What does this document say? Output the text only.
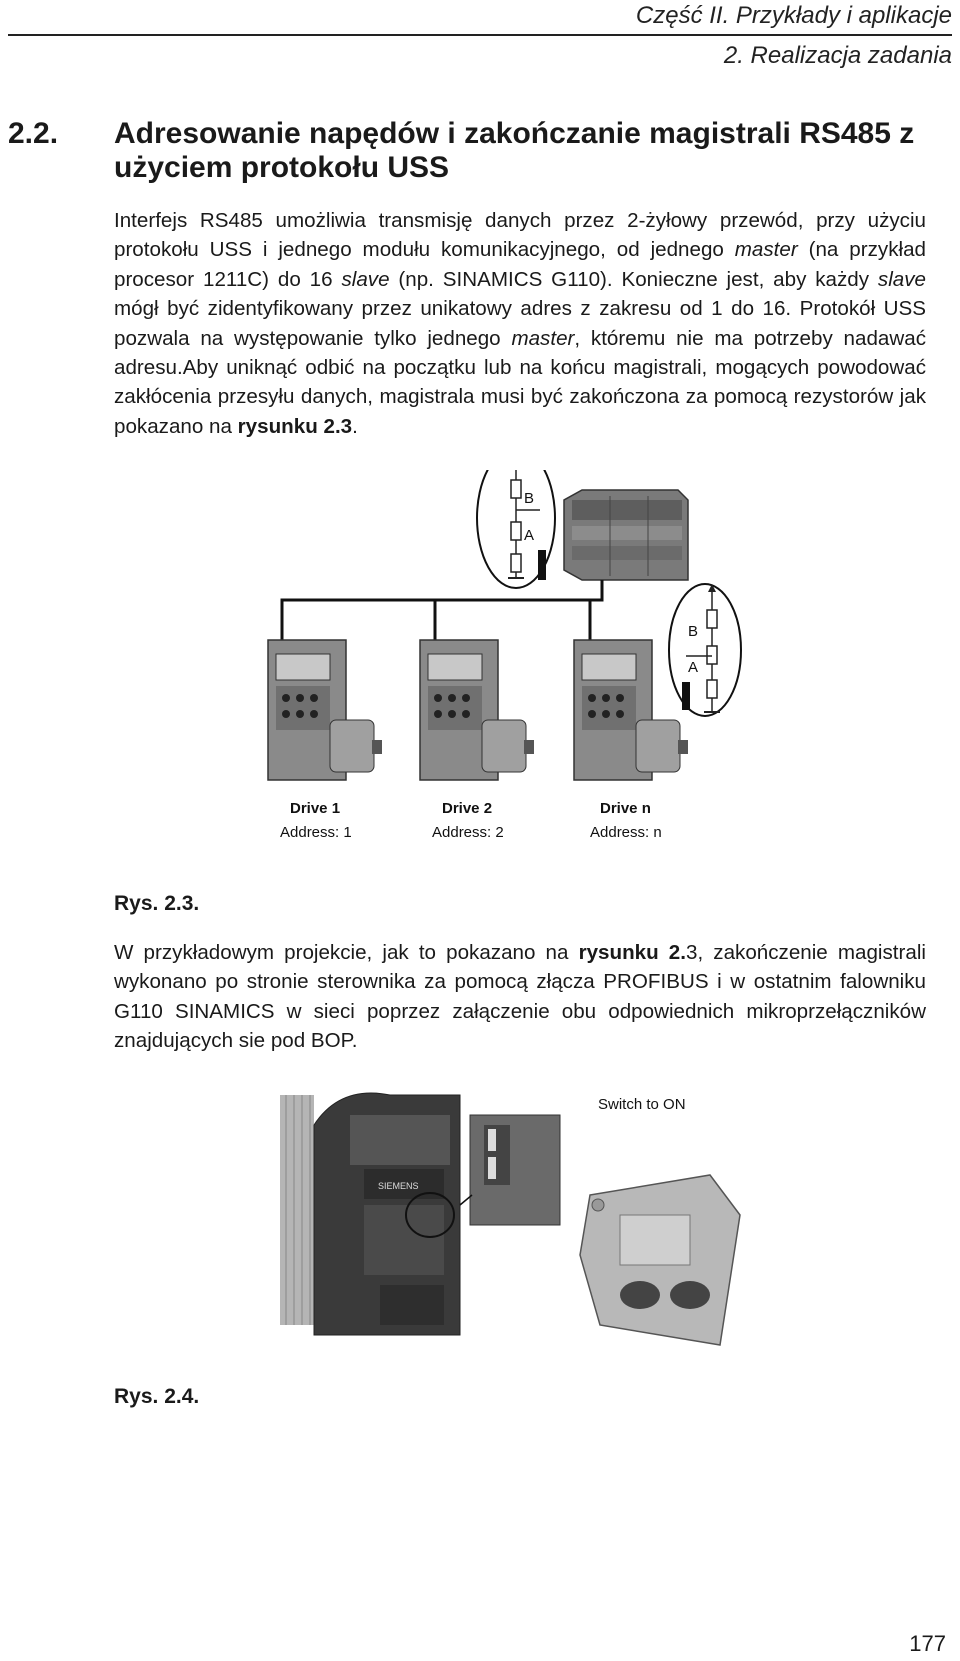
Część II. Przykłady i aplikacje
2. Realizacja zadania
2.2. Adresowanie napędów i zakończanie magistrali RS485 z użyciem protokołu USS
Interfejs RS485 umożliwia transmisję danych przez 2-żyłowy przewód, przy użyciu protokołu USS i jednego modułu komunikacyjnego, od jednego master (na przykład procesor 1211C) do 16 slave (np. SINAMICS G110). Konieczne jest, aby każdy slave mógł być zidentyfikowany przez unikatowy adres z zakresu od 1 do 16. Protokół USS pozwala na występowanie tylko jednego master, któremu nie ma potrzeby nadawać adresu.Aby uniknąć odbić na początku lub na końcu magistrali, mogących powodować zakłócenia przesyłu danych, magistrala musi być zakończona za pomocą rezystorów jak pokazano na rysunku 2.3.
B
A
B
A
Drive 1
Address: 1
Drive 2
Address: 2
Drive n
Address: n
Rys. 2.3.
W przykładowym projekcie, jak to pokazano na rysunku 2.3, zakończenie magistrali wykonano po stronie sterownika za pomocą złącza PROFIBUS i w ostatnim falowniku G110 SINAMICS w sieci poprzez załączenie obu odpowiednich mikroprzełączników znajdujących sie pod BOP.
SIEMENS
Switch to ON
Rys. 2.4.
177
